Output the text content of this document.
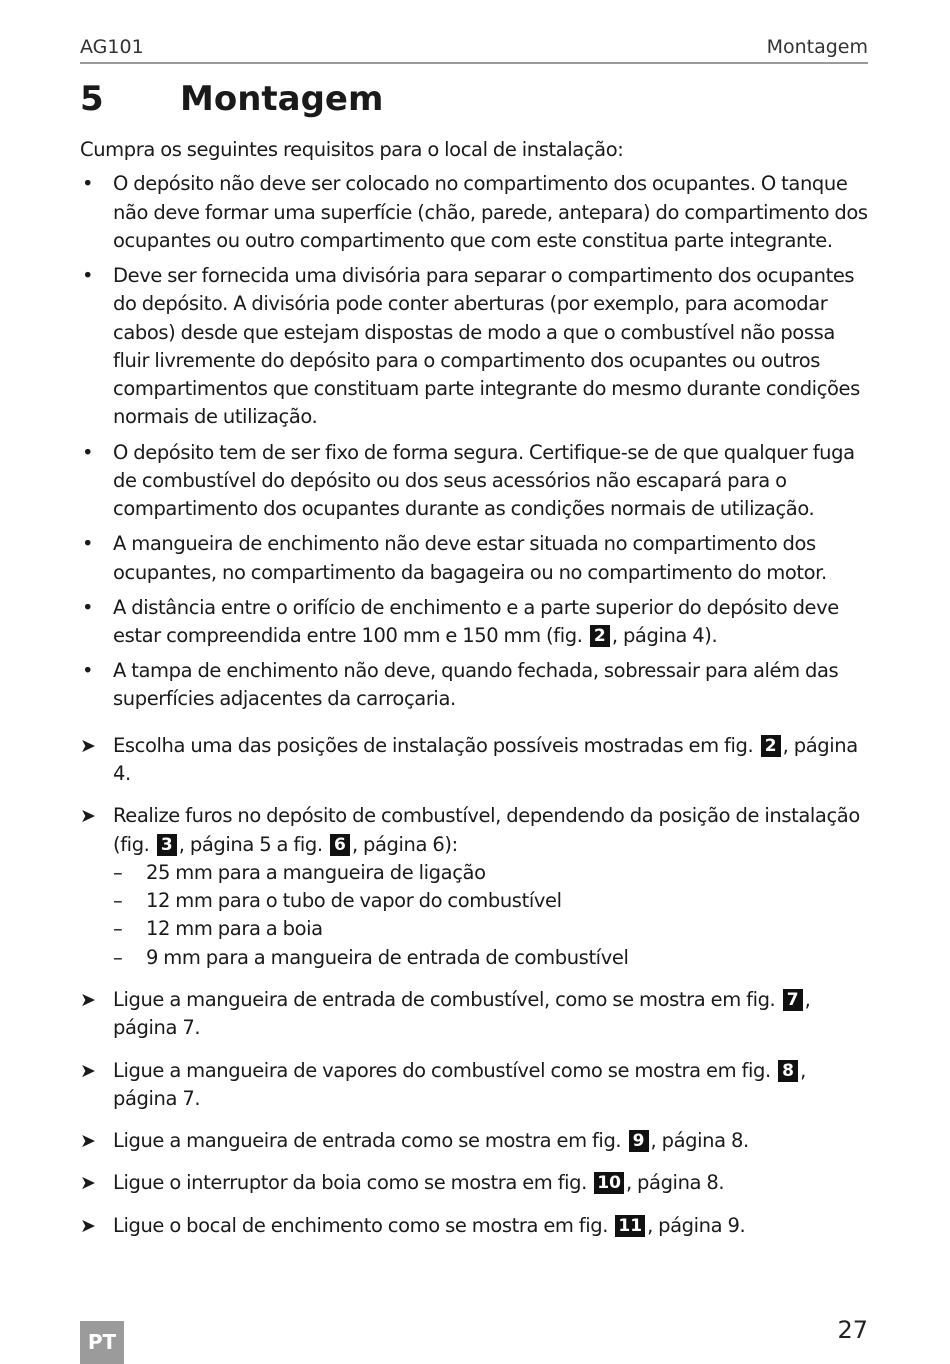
AG101	Montagem
5 Montagem

Cumpra os seguintes requisitos para o local de instalação:

• O depósito não deve ser colocado no compartimento dos ocupantes. O tanque não deve formar uma superfície (chão, parede, antepara) do compartimento dos ocupantes ou outro compartimento que com este constitua parte integrante.
• Deve ser fornecida uma divisória para separar o compartimento dos ocupantes do depósito. A divisória pode conter aberturas (por exemplo, para acomodar cabos) desde que estejam dispostas de modo a que o combustível não possa fluir livremente do depósito para o compartimento dos ocupantes ou outros compartimentos que constituam parte integrante do mesmo durante condições normais de utilização.
• O depósito tem de ser fixo de forma segura. Certifique-se de que qualquer fuga de combustível do depósito ou dos seus acessórios não escapará para o compartimento dos ocupantes durante as condições normais de utilização.
• A mangueira de enchimento não deve estar situada no compartimento dos ocupantes, no compartimento da bagageira ou no compartimento do motor.
• A distância entre o orifício de enchimento e a parte superior do depósito deve estar compreendida entre 100 mm e 150 mm (fig. 2 , página 4).
• A tampa de enchimento não deve, quando fechada, sobressair para além das superfícies adjacentes da carroçaria.
➤ Escolha uma das posições de instalação possíveis mostradas em fig. 2 , página 4.
➤ Realize furos no depósito de combustível, dependendo da posição de instalação (fig. 3 , página 5 a fig. 6 , página 6):
– 25 mm para a mangueira de ligação
– 12 mm para o tubo de vapor do combustível
– 12 mm para a boia
– 9 mm para a mangueira de entrada de combustível
➤ Ligue a mangueira de entrada de combustível, como se mostra em fig. 7 , página 7.
➤ Ligue a mangueira de vapores do combustível como se mostra em fig. 8 , página 7.
➤ Ligue a mangueira de entrada como se mostra em fig. 9 , página 8.
➤ Ligue o interruptor da boia como se mostra em fig. 10 , página 8.
➤ Ligue o bocal de enchimento como se mostra em fig. 11 , página 9.
PT	27
